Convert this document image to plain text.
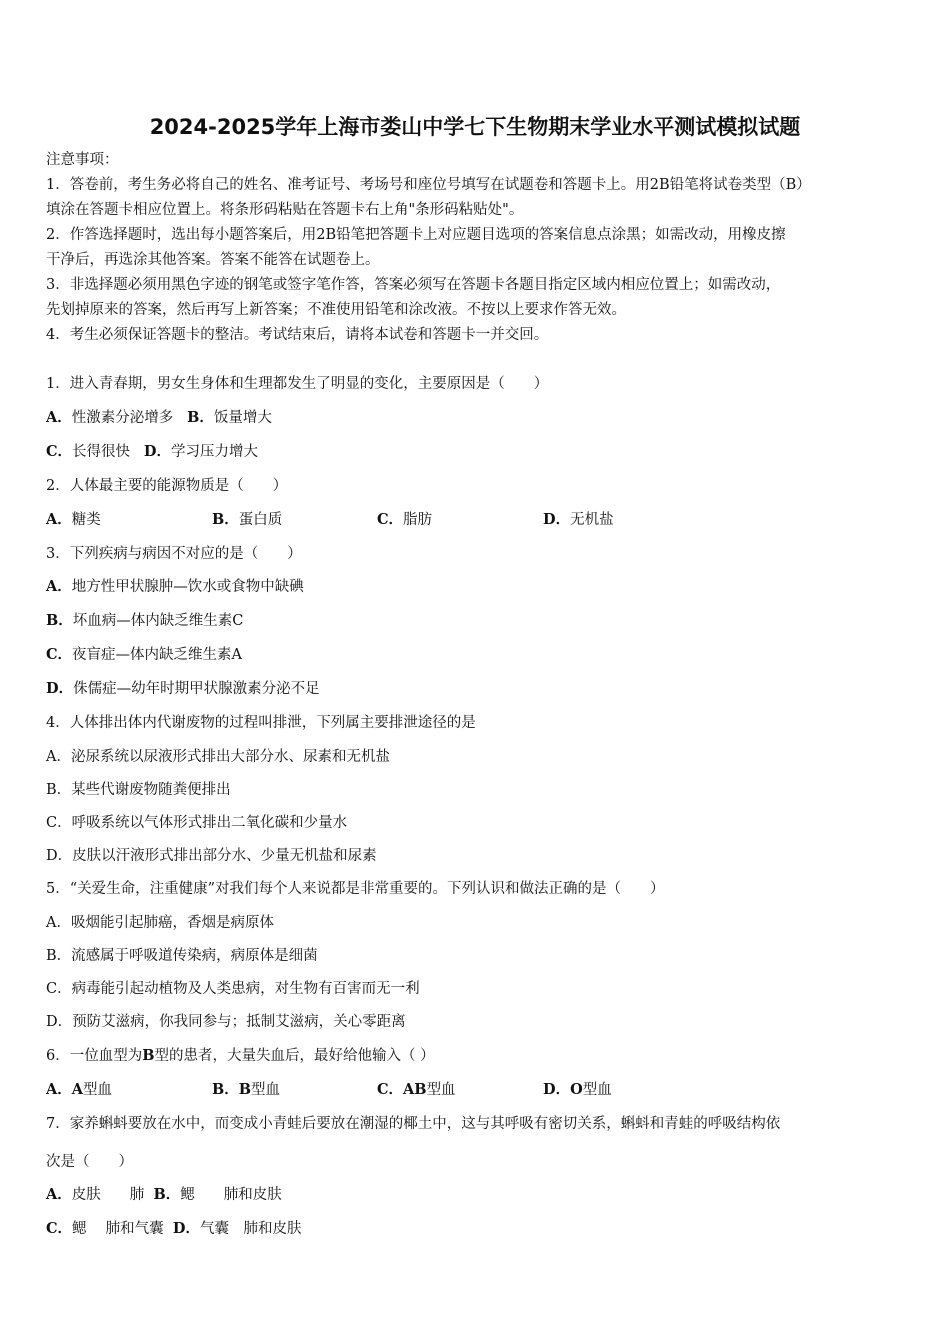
2024-2025学年上海市娄山中学七下生物期末学业水平测试模拟试题
注意事项：
1．答卷前，考生务必将自己的姓名、准考证号、考场号和座位号填写在试题卷和答题卡上。用2B铅笔将试卷类型（B）
填涂在答题卡相应位置上。将条形码粘贴在答题卡右上角"条形码粘贴处"。
2．作答选择题时，选出每小题答案后，用2B铅笔把答题卡上对应题目选项的答案信息点涂黑；如需改动，用橡皮擦
干净后，再选涂其他答案。答案不能答在试题卷上。
3．非选择题必须用黑色字迹的钢笔或签字笔作答，答案必须写在答题卡各题目指定区域内相应位置上；如需改动，
先划掉原来的答案，然后再写上新答案；不准使用铅笔和涂改液。不按以上要求作答无效。
4．考生必须保证答题卡的整洁。考试结束后，请将本试卷和答题卡一并交回。
1．进入青春期，男女生身体和生理都发生了明显的变化，主要原因是（　　）
A．性激素分泌增多 B．饭量增大
C．长得很快 D．学习压力增大
2．人体最主要的能源物质是（　　）
A．糖类	B．蛋白质	C．脂肪	D．无机盐
3．下列疾病与病因不对应的是（　　）
A．地方性甲状腺肿—饮水或食物中缺碘
B．坏血病—体内缺乏维生素C
C．夜盲症—体内缺乏维生素A
D．侏儒症—幼年时期甲状腺激素分泌不足
4．人体排出体内代谢废物的过程叫排泄，下列属主要排泄途径的是
A．泌尿系统以尿液形式排出大部分水、尿素和无机盐
B．某些代谢废物随粪便排出
C．呼吸系统以气体形式排出二氧化碳和少量水
D．皮肤以汗液形式排出部分水、少量无机盐和尿素
5．“关爱生命，注重健康”对我们每个人来说都是非常重要的。下列认识和做法正确的是（　　）
A．吸烟能引起肺癌，香烟是病原体
B．流感属于呼吸道传染病，病原体是细菌
C．病毒能引起动植物及人类患病，对生物有百害而无一利
D．预防艾滋病，你我同参与；抵制艾滋病，关心零距离
6．一位血型为B型的患者，大量失血后，最好给他输入（ ）
A．A型血	B．B型血	C．AB型血	D．O型血
7．家养蝌蚪要放在水中，而变成小青蛙后要放在潮湿的椰土中，这与其呼吸有密切关系，蝌蚪和青蛙的呼吸结构依
次是（　　）
A．皮肤　　肺 B．鳃　　肺和皮肤
C．鳃　 肺和气囊 D．气囊　肺和皮肤
